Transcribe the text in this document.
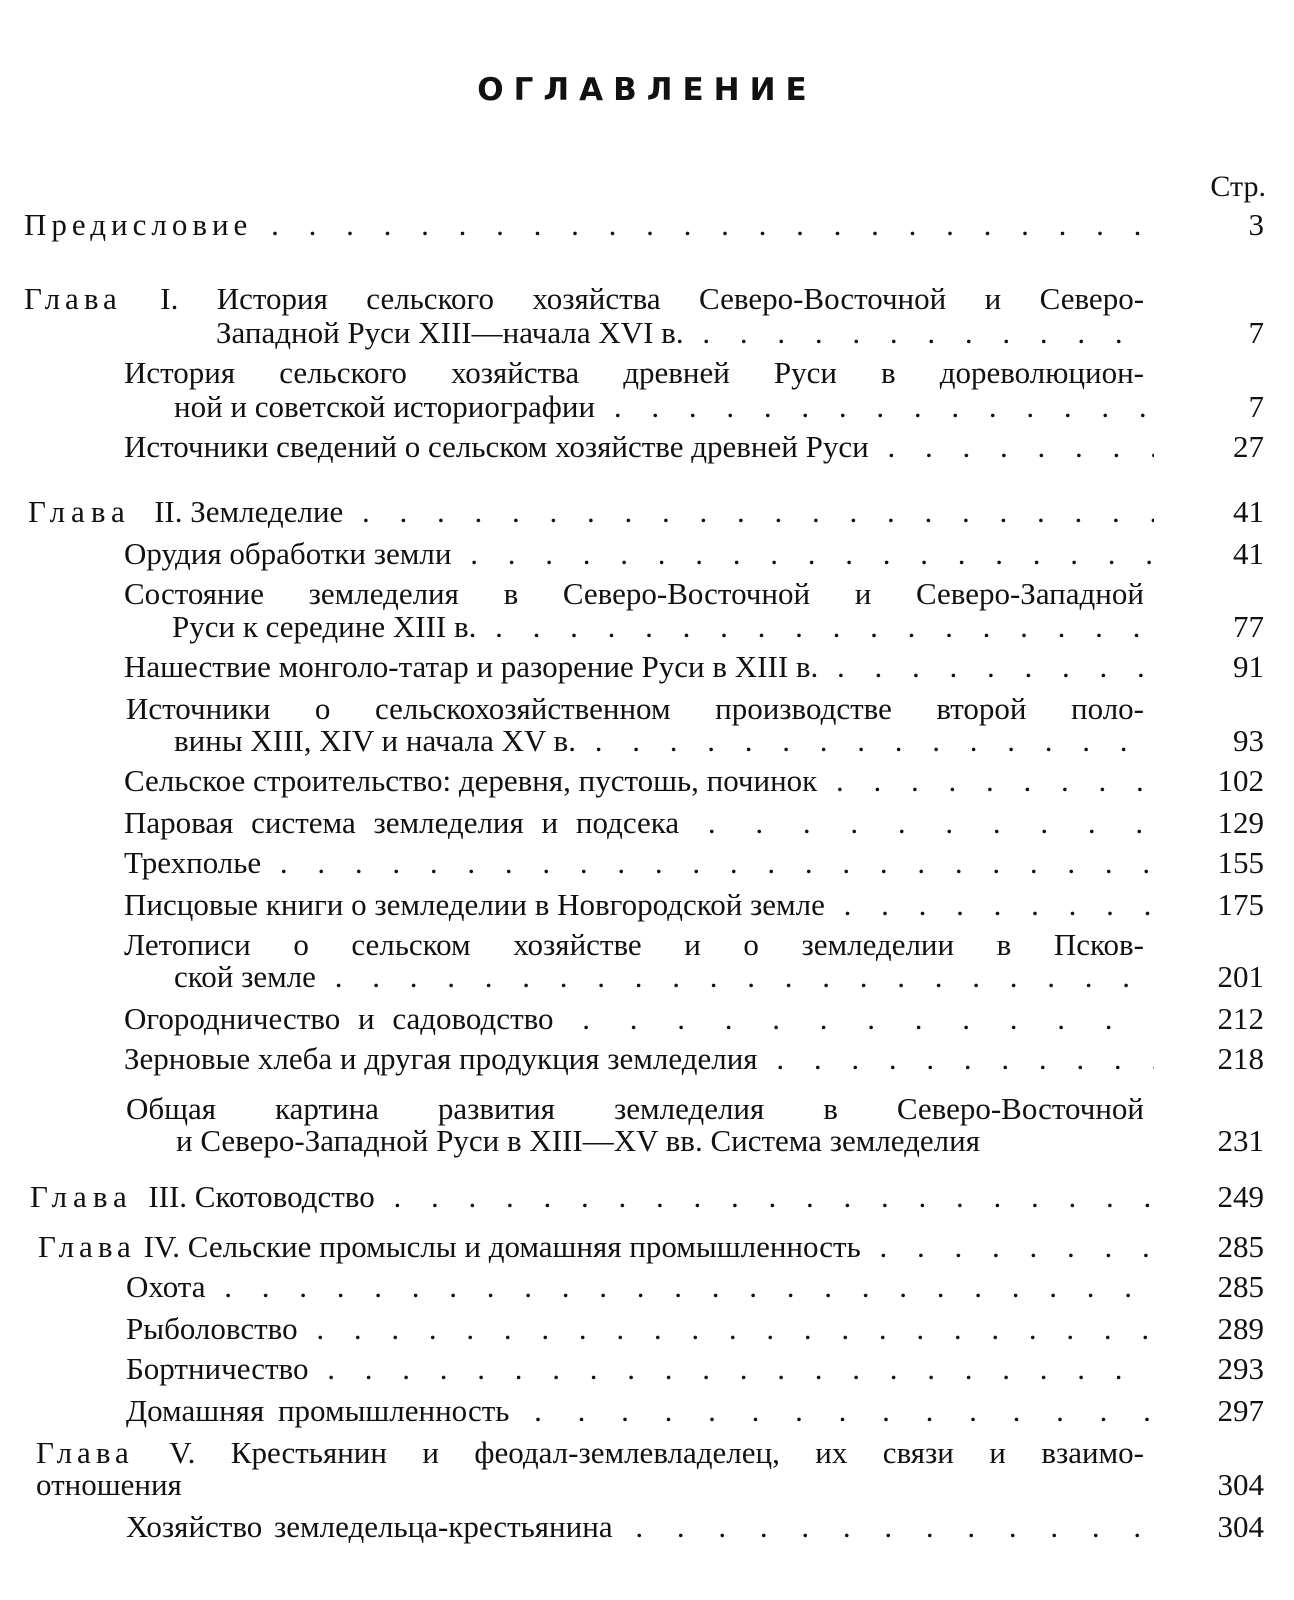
ОГЛАВЛЕНИЕ
Стр.
Предисловие . . .	3
Глава I. История сельского хозяйства Северо-Восточной и Северо-
Западной Руси XIII—начала XVI в. . . .	7
История сельского хозяйства древней Руси в дореволюцион-
ной и советской историографии . . .	7
Источники сведений о сельском хозяйстве древней Руси . . .	27
Глава II. Земледелие . . .	41
Орудия обработки земли . . .	41
Состояние земледелия в Северо-Восточной и Северо-Западной
Руси к середине XIII в. . . .	77
Нашествие монголо-татар и разорение Руси в XIII в. . . .	91
Источники о сельскохозяйственном производстве второй поло-
вины XIII, XIV и начала XV в. . . .	93
Сельское строительство: деревня, пустошь, починок . . .	102
Паровая система земледелия и подсека . . .	129
Трехполье . . .	155
Писцовые книги о земледелии в Новгородской земле . . .	175
Летописи о сельском хозяйстве и о земледелии в Псков-
ской земле . . .	201
Огородничество и садоводство . . .	212
Зерновые хлеба и другая продукция земледелия . . .	218
Общая картина развития земледелия в Северо-Восточной
и Северо-Западной Руси в XIII—XV вв. Система земледелия	231
Глава III. Скотоводство . . .	249
Глава IV. Сельские промыслы и домашняя промышленность . . .	285
Охота . . .	285
Рыболовство . . .	289
Бортничество . . .	293
Домашняя промышленность . . .	297
Глава V. Крестьянин и феодал-землевладелец, их связи и взаимо-
отношения	304
Хозяйство земледельца-крестьянина . . .	304
